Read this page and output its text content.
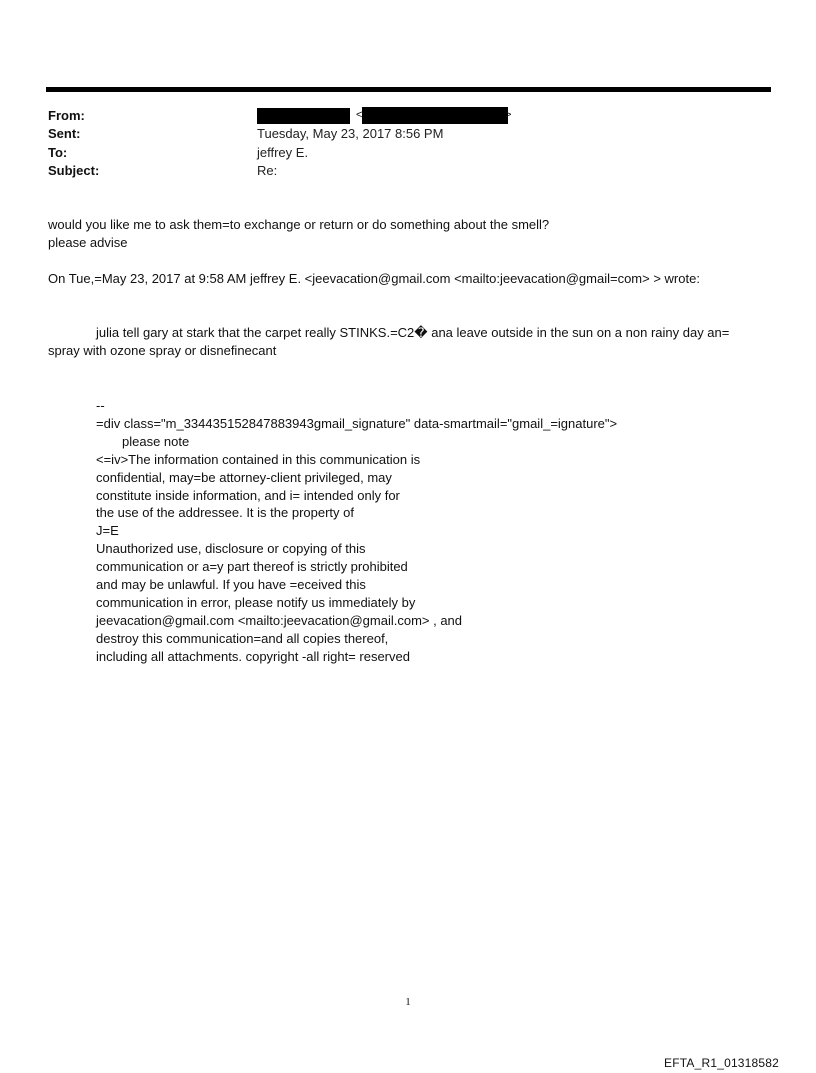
From:	<	>
Sent:	Tuesday, May 23, 2017 8:56 PM
To:	jeffrey E.
Subject:	Re:
would you like me to ask them=to exchange or return or do something about the smell?
please advise
On Tue,=May 23, 2017 at 9:58 AM jeffrey E. <jeevacation@gmail.com <mailto:jeevacation@gmail=com> > wrote:
julia tell gary at stark that the carpet really STINKS.=C2� ana leave outside in the sun on a non rainy day an=
spray with ozone spray or disnefinecant
--
=div class="m_334435152847883943gmail_signature" data-smartmail="gmail_=ignature">
please note
<=iv>The information contained in this communication is
confidential, may=be attorney-client privileged, may
constitute inside information, and i= intended only for
the use of the addressee. It is the property of
J=E
Unauthorized use, disclosure or copying of this
communication or a=y part thereof is strictly prohibited
and may be unlawful. If you have =eceived this
communication in error, please notify us immediately by
jeevacation@gmail.com <mailto:jeevacation@gmail.com> , and
destroy this communication=and all copies thereof,
including all attachments. copyright -all right= reserved
1
EFTA_R1_01318582
